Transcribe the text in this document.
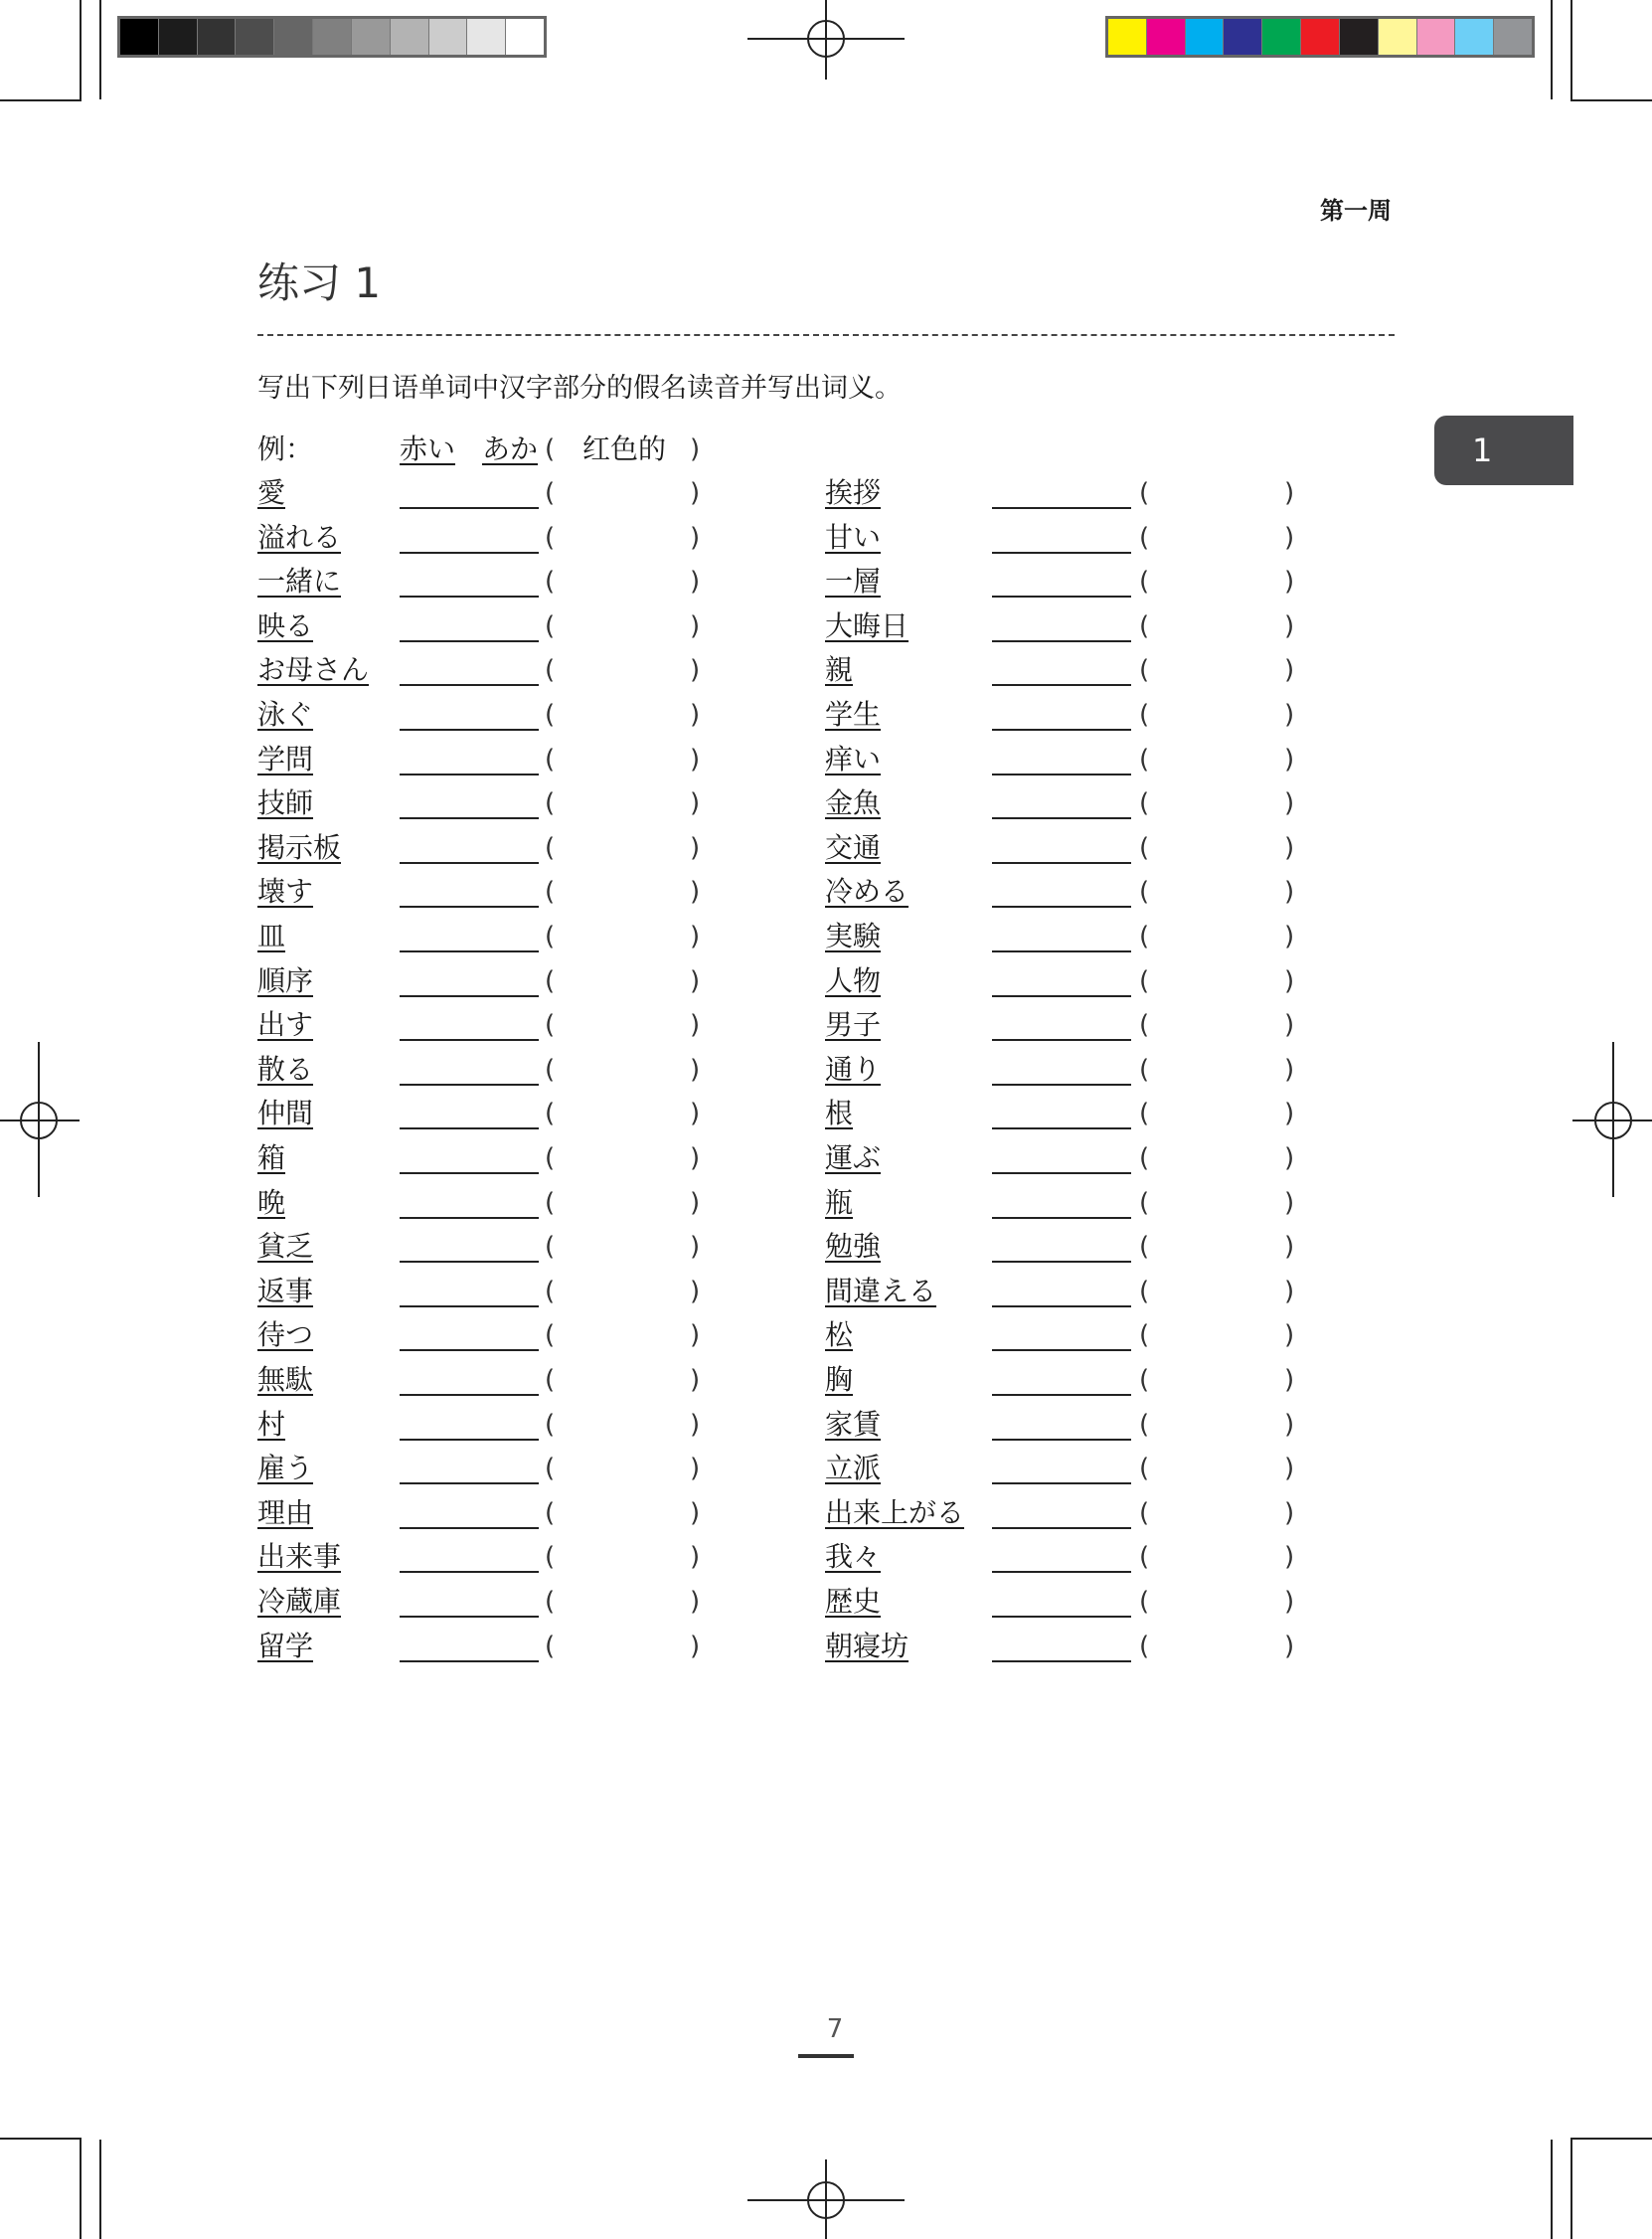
第一周
练习 1
写出下列日语单词中汉字部分的假名读音并写出词义。
1
例：	赤い あか ( 红色的 )
愛	(	)
溢れる	(	)
一緒に	(	)
映る	(	)
お母さん	(	)
泳ぐ	(	)
学問	(	)
技師	(	)
掲示板	(	)
壊す	(	)
皿	(	)
順序	(	)
出す	(	)
散る	(	)
仲間	(	)
箱	(	)
晩	(	)
貧乏	(	)
返事	(	)
待つ	(	)
無駄	(	)
村	(	)
雇う	(	)
理由	(	)
出来事	(	)
冷蔵庫	(	)
留学	(	)
挨拶	(	)
甘い	(	)
一層	(	)
大晦日	(	)
親	(	)
学生	(	)
痒い	(	)
金魚	(	)
交通	(	)
冷める	(	)
実験	(	)
人物	(	)
男子	(	)
通り	(	)
根	(	)
運ぶ	(	)
瓶	(	)
勉強	(	)
間違える	(	)
松	(	)
胸	(	)
家賃	(	)
立派	(	)
出来上がる	(	)
我々	(	)
歴史	(	)
朝寝坊	(	)
7
